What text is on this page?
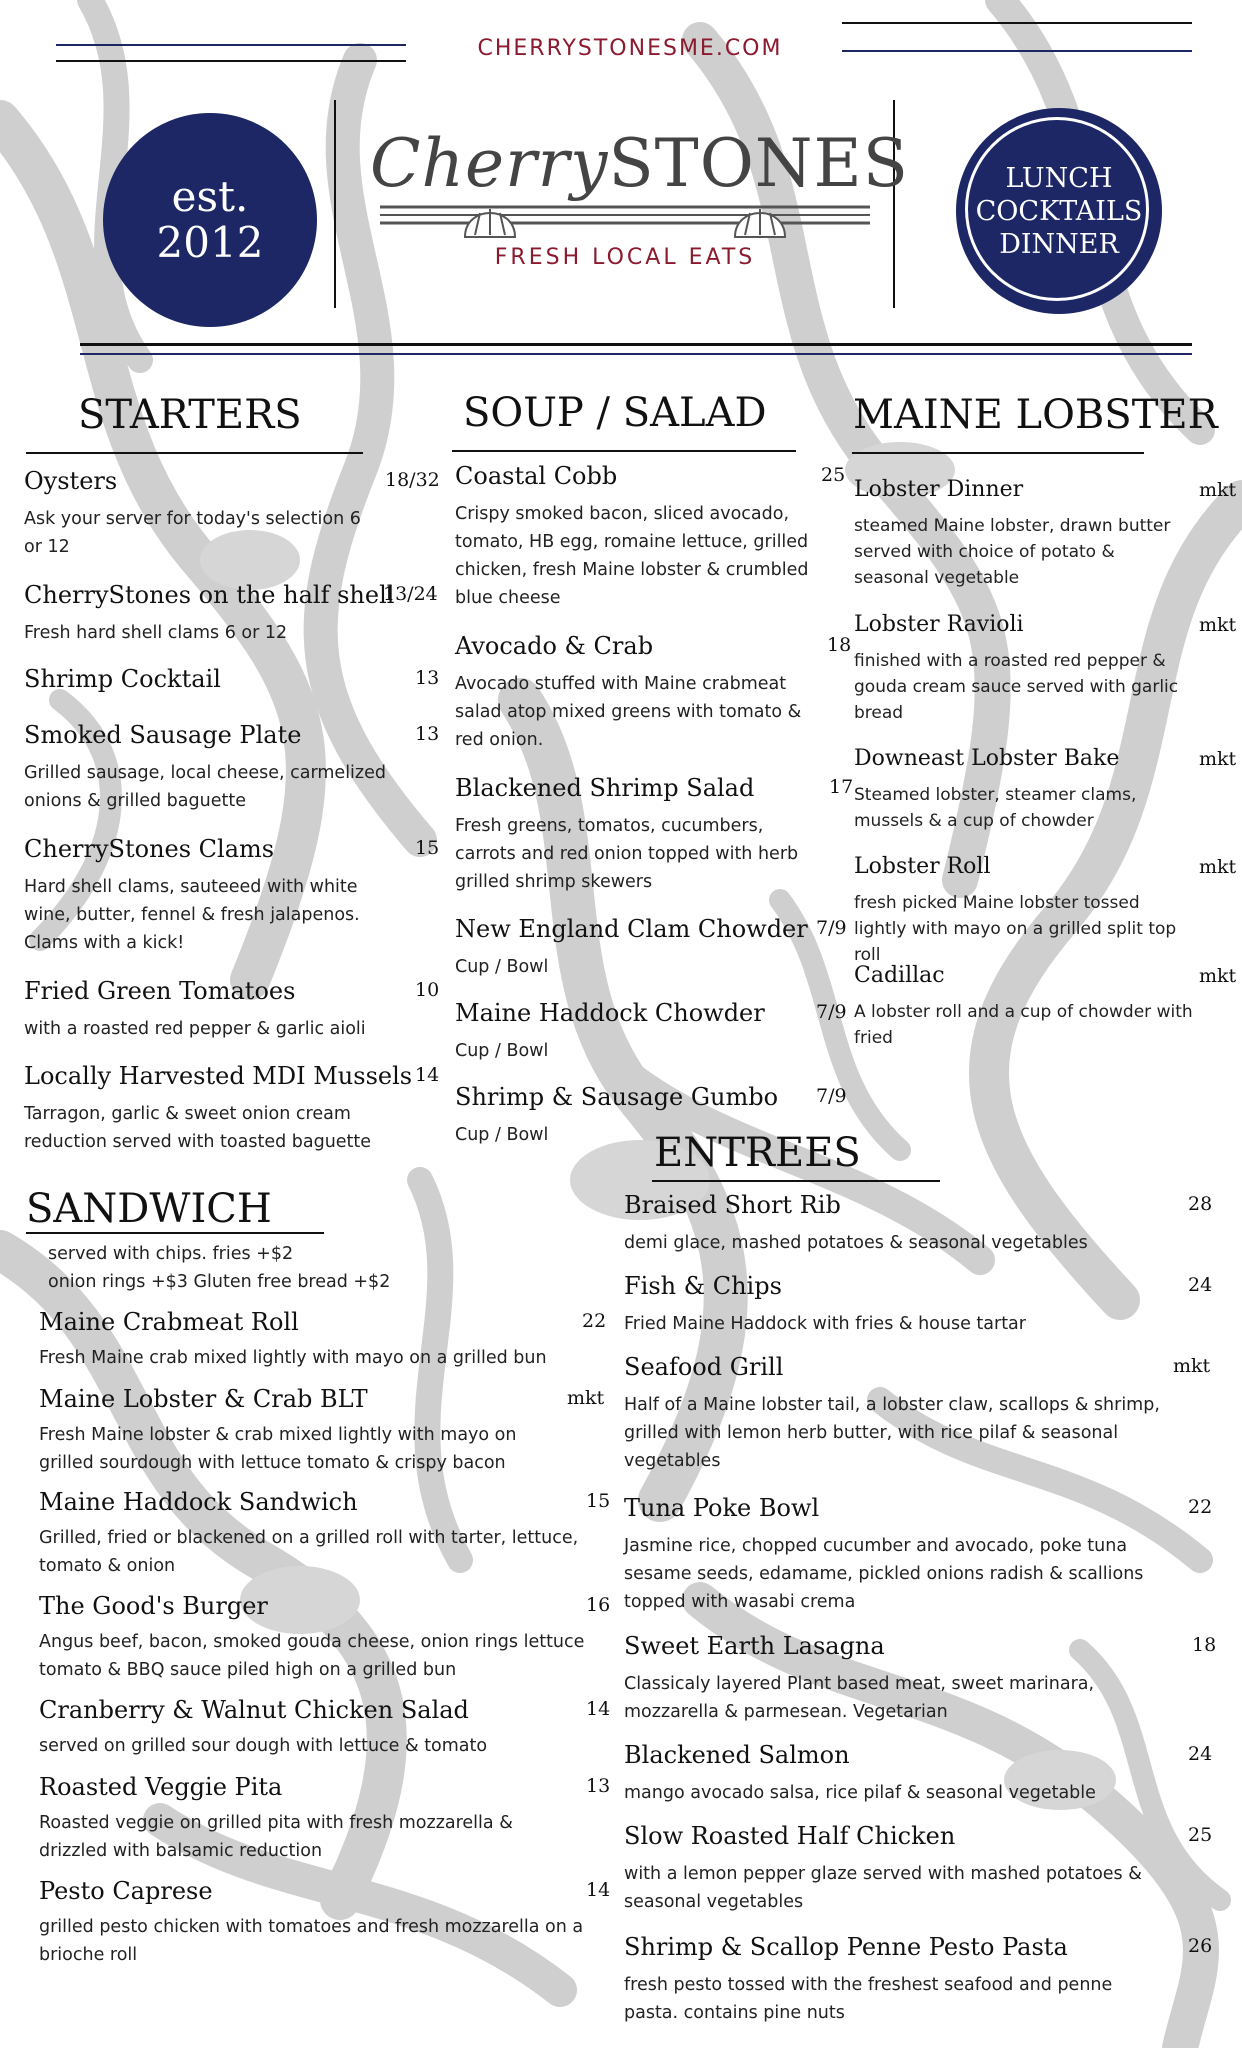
CHERRYSTONESME.COM
est.
2012
CherrySTONES
FRESH LOCAL EATS
LUNCH
COCKTAILS
DINNER
STARTERS
Oysters	18/32
Ask your server for today's selection 6 or 12
CherryStones on the half shell
13/24
Fresh hard shell clams 6 or 12
Shrimp Cocktail	13
Smoked Sausage Plate	13
Grilled sausage, local cheese, carmelized onions & grilled baguette
CherryStones Clams	15
Hard shell clams, sauteeed with white wine, butter, fennel & fresh jalapenos. Clams with a kick!
Fried Green Tomatoes	10
with a roasted red pepper & garlic aioli
Locally Harvested MDI Mussels 14
Tarragon, garlic & sweet onion cream reduction served with toasted baguette
SOUP / SALAD
Coastal Cobb	25
Crispy smoked bacon, sliced avocado, tomato, HB egg, romaine lettuce, grilled chicken, fresh Maine lobster & crumbled blue cheese
Avocado & Crab	18
Avocado stuffed with Maine crabmeat salad atop mixed greens with tomato & red onion.
Blackened Shrimp Salad	17
Fresh greens, tomatos, cucumbers, carrots and red onion topped with herb grilled shrimp skewers
New England Clam Chowder 7/9
Cup / Bowl
Maine Haddock Chowder	7/9
Cup / Bowl
Shrimp & Sausage Gumbo 7/9
Cup / Bowl
MAINE LOBSTER
Lobster Dinner	mkt
steamed Maine lobster, drawn butter served with choice of potato & seasonal vegetable
Lobster Ravioli	mkt
finished with a roasted red pepper & gouda cream sauce served with garlic bread
Downeast Lobster Bake	mkt
Steamed lobster, steamer clams, mussels & a cup of chowder
Lobster Roll	mkt
fresh picked Maine lobster tossed lightly with mayo on a grilled split top roll
Cadillac	mkt
A lobster roll and a cup of chowder with fried
SANDWICH
served with chips. fries +$2
onion rings +$3 Gluten free bread +$2
Maine Crabmeat Roll	22
Fresh Maine crab mixed lightly with mayo on a grilled bun
Maine Lobster & Crab BLT	mkt
Fresh Maine lobster & crab mixed lightly with mayo on grilled sourdough with lettuce tomato & crispy bacon
Maine Haddock Sandwich	15
Grilled, fried or blackened on a grilled roll with tarter, lettuce, tomato & onion
The Good's Burger	16
Angus beef, bacon, smoked gouda cheese, onion rings lettuce tomato & BBQ sauce piled high on a grilled bun
Cranberry & Walnut Chicken Salad	14
served on grilled sour dough with lettuce & tomato
Roasted Veggie Pita	13
Roasted veggie on grilled pita with fresh mozzarella & drizzled with balsamic reduction
Pesto Caprese	14
grilled pesto chicken with tomatoes and fresh mozzarella on a brioche roll
ENTREES
Braised Short Rib	28
demi glace, mashed potatoes & seasonal vegetables
Fish & Chips	24
Fried Maine Haddock with fries & house tartar
Seafood Grill	mkt
Half of a Maine lobster tail, a lobster claw, scallops & shrimp, grilled with lemon herb butter, with rice pilaf & seasonal vegetables
Tuna Poke Bowl	22
Jasmine rice, chopped cucumber and avocado, poke tuna sesame seeds, edamame, pickled onions radish & scallions topped with wasabi crema
Sweet Earth Lasagna	18
Classicaly layered Plant based meat, sweet marinara, mozzarella & parmesean. Vegetarian
Blackened Salmon	24
mango avocado salsa, rice pilaf & seasonal vegetable
Slow Roasted Half Chicken	25
with a lemon pepper glaze served with mashed potatoes & seasonal vegetables
Shrimp & Scallop Penne Pesto Pasta	26
fresh pesto tossed with the freshest seafood and penne pasta. contains pine nuts
